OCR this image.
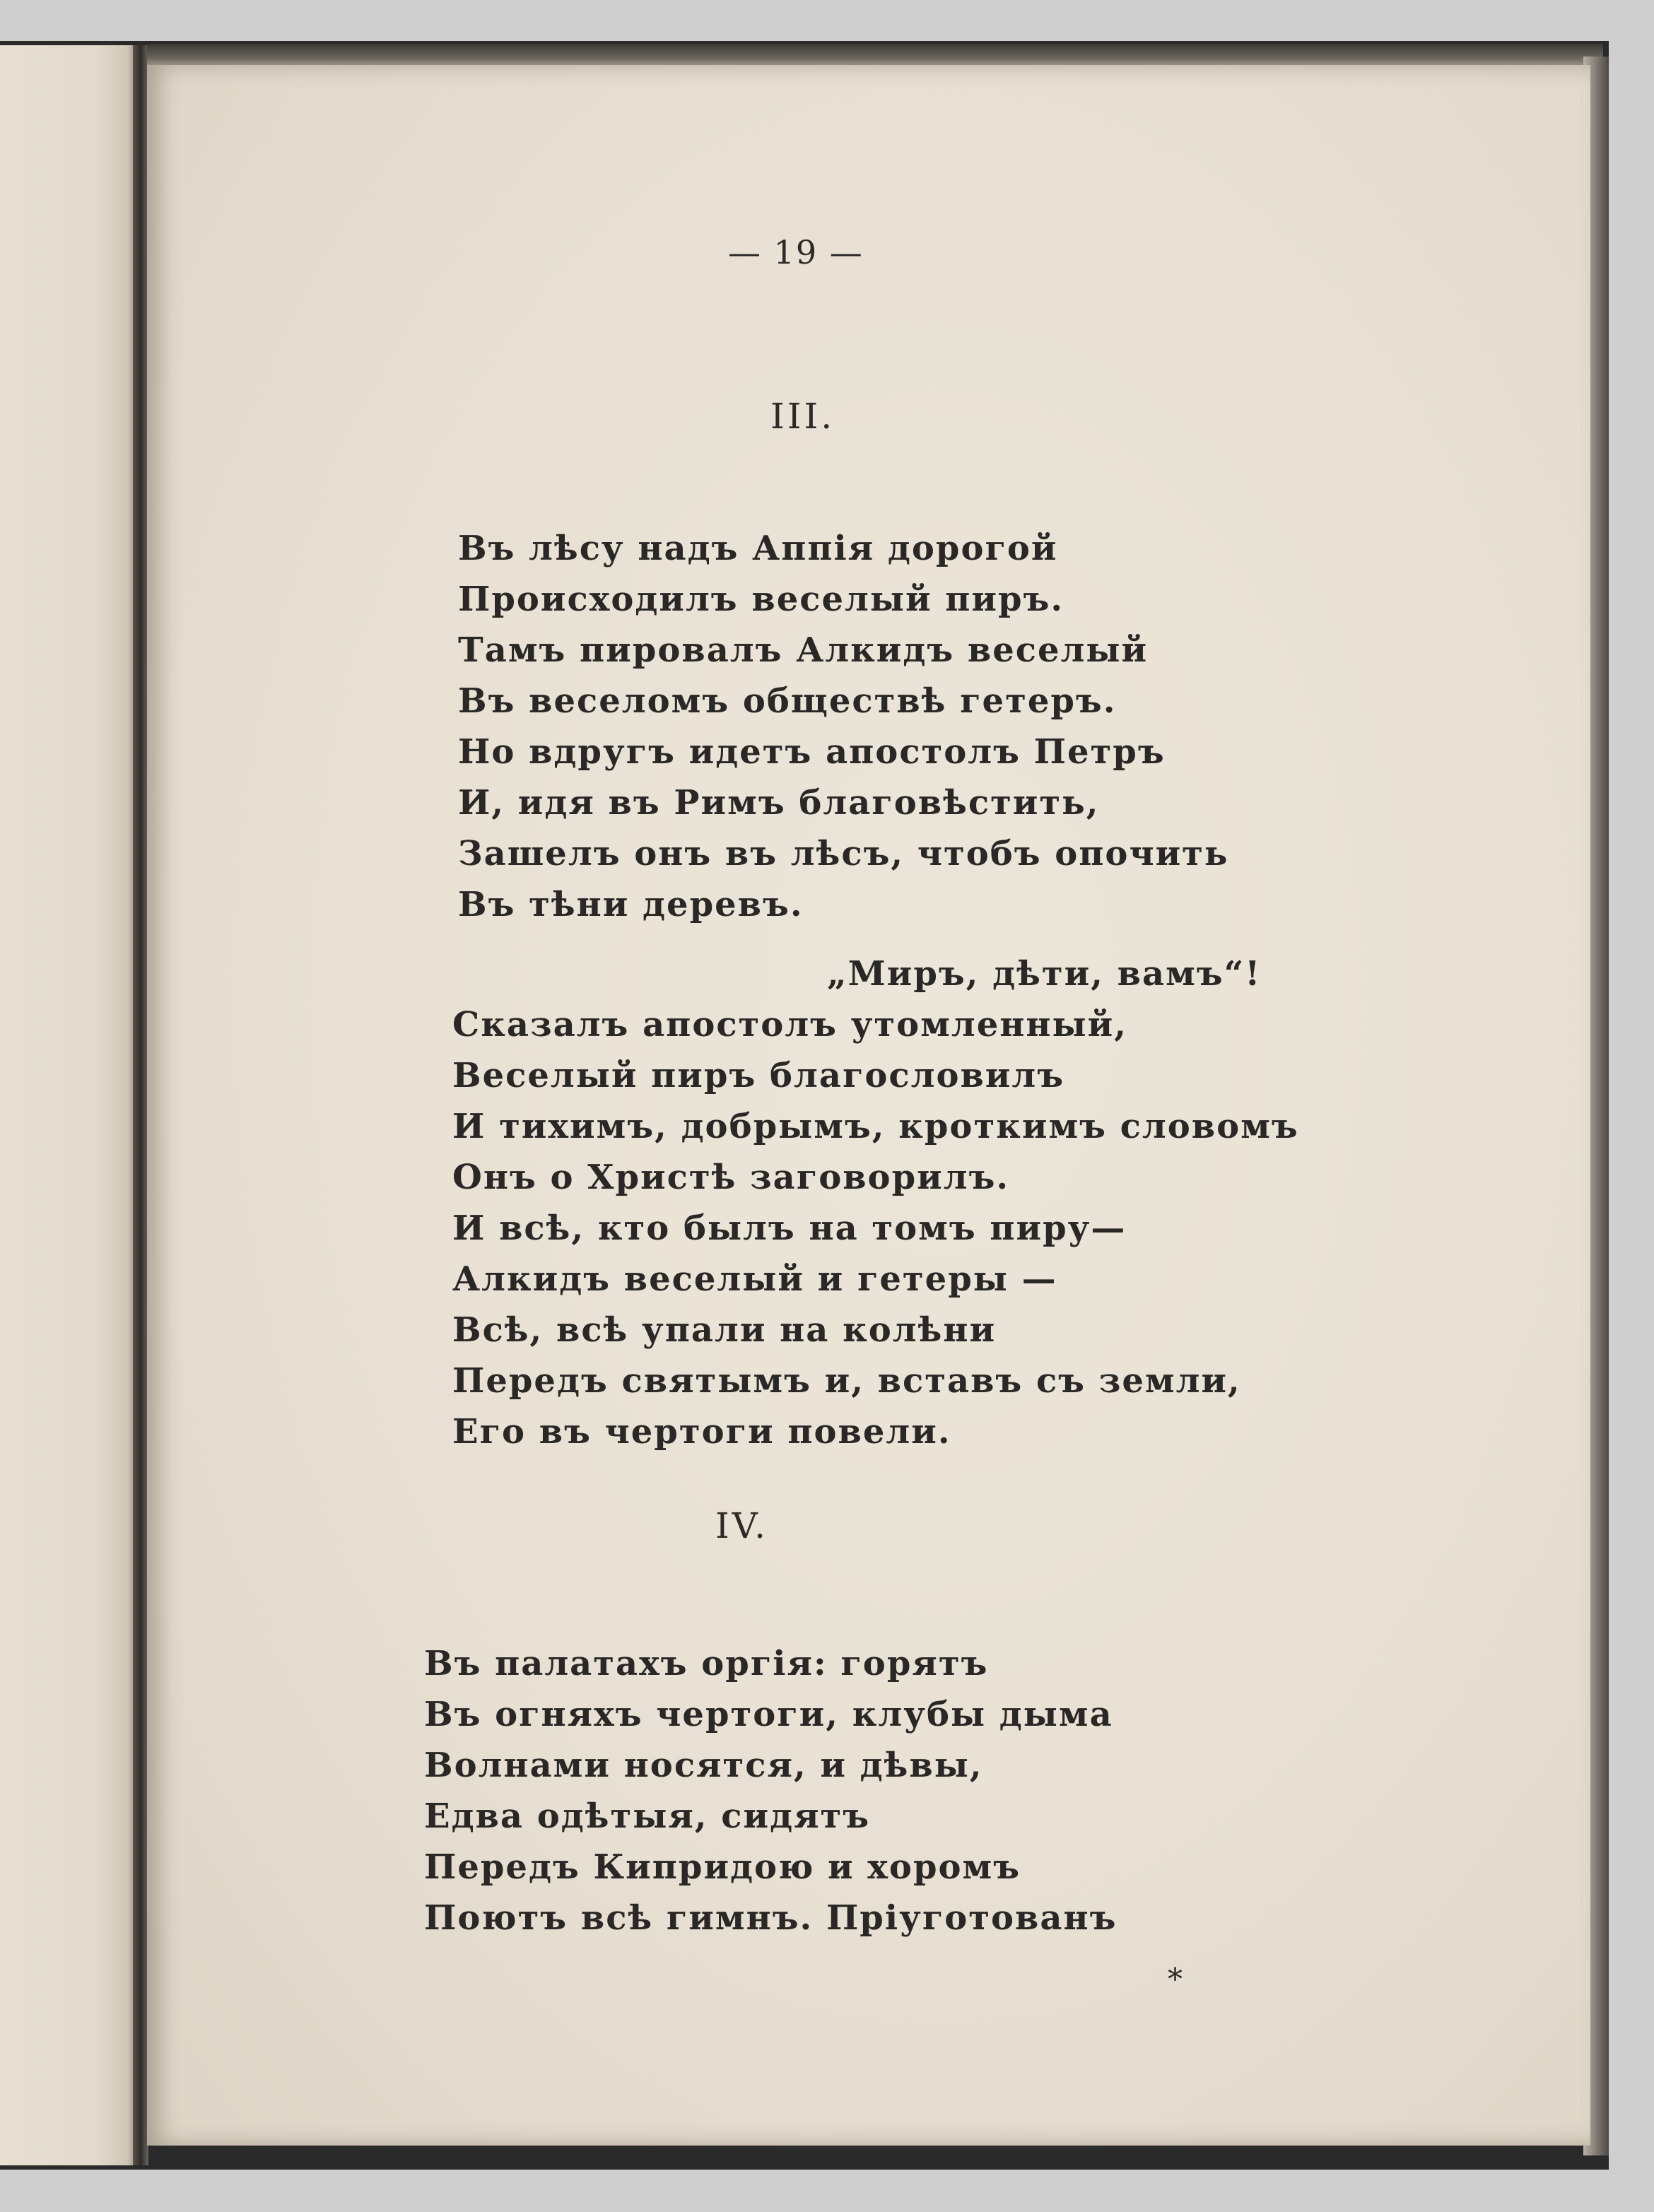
— 19 —
III.
Въ лѣсу надъ Аппія дорогой
Происходилъ веселый пиръ.
Тамъ пировалъ Алкидъ веселый
Въ веселомъ обществѣ гетеръ.
Но вдругъ идетъ апостолъ Петръ
И, идя въ Римъ благовѣстить,
Зашелъ онъ въ лѣсъ, чтобъ опочить
Въ тѣни деревъ.
„Миръ, дѣти, вамъ“!
Сказалъ апостолъ утомленный,
Веселый пиръ благословилъ
И тихимъ, добрымъ, кроткимъ словомъ
Онъ о Христѣ заговорилъ.
И всѣ, кто былъ на томъ пиру—
Алкидъ веселый и гетеры —
Всѣ, всѣ упали на колѣни
Передъ святымъ и, вставъ съ земли,
Его въ чертоги повели.
IV.
Въ палатахъ оргія: горятъ
Въ огняхъ чертоги, клубы дыма
Волнами носятся, и дѣвы,
Едва одѣтыя, сидятъ
Передъ Кипридою и хоромъ
Поютъ всѣ гимнъ. Пріуготованъ
*
